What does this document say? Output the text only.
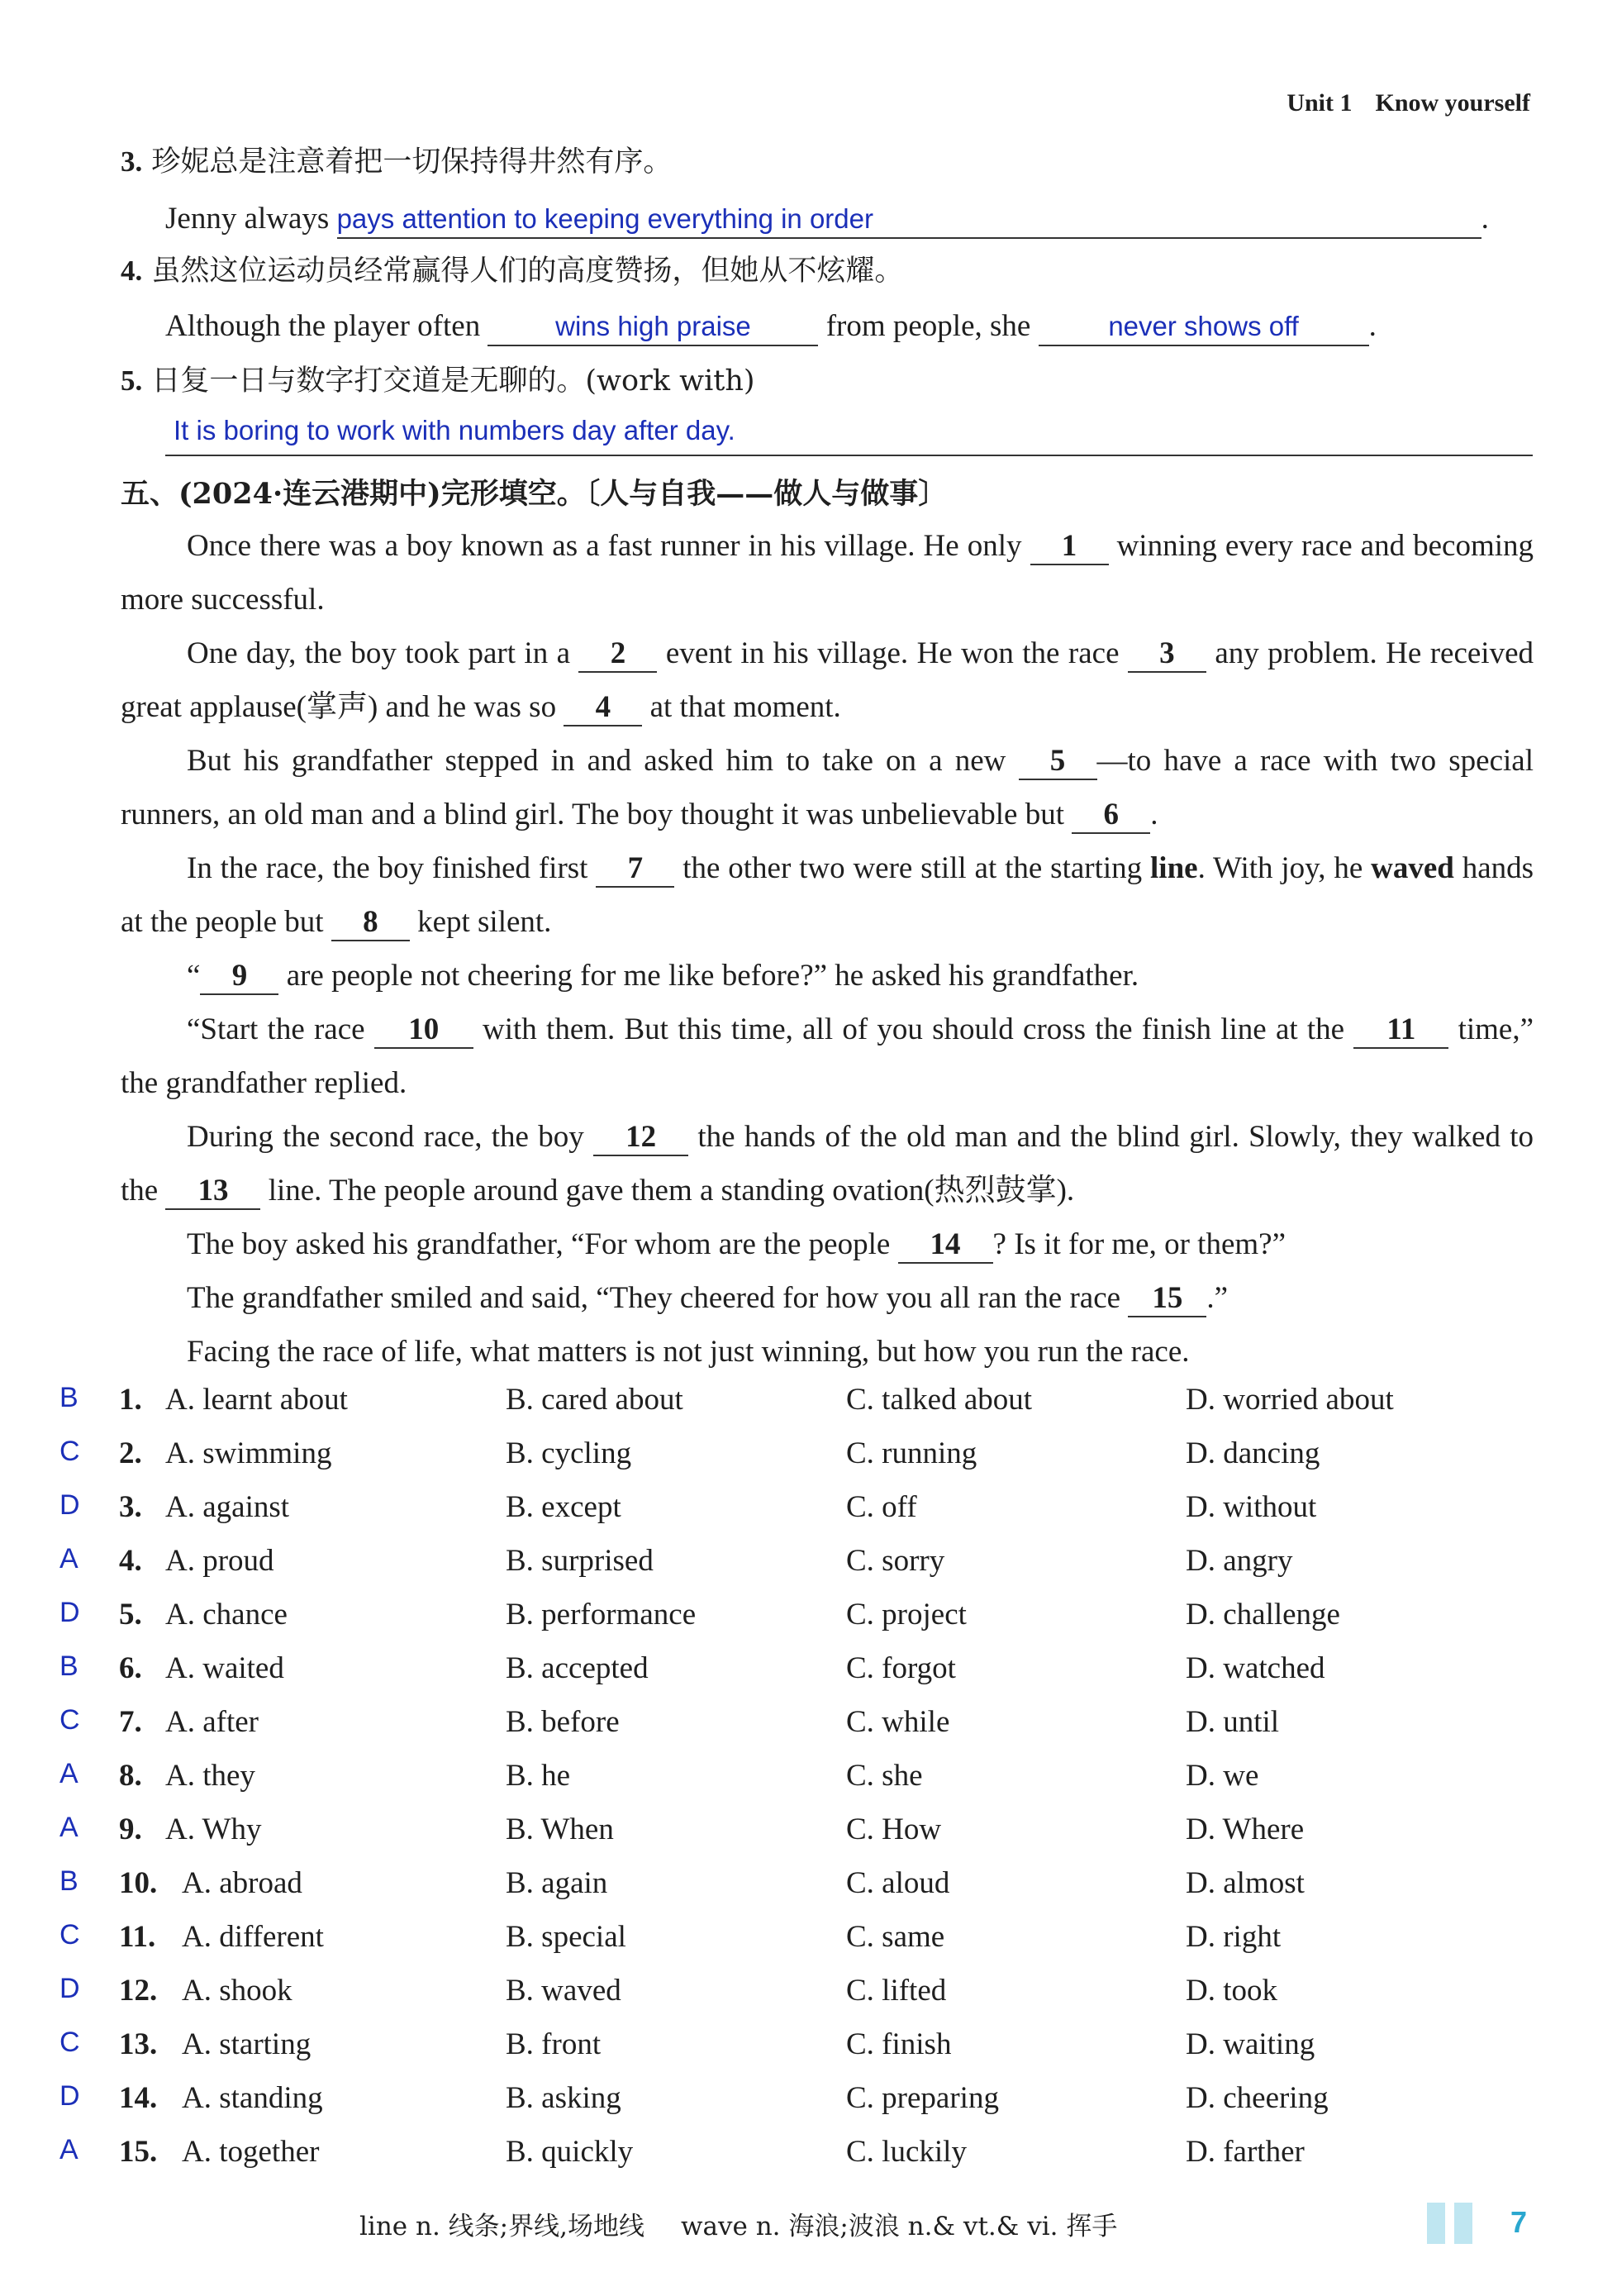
Unit 1 Know yourself
3. 珍妮总是注意着把一切保持得井然有序。
Jenny always pays attention to keeping everything in order	.
4. 虽然这位运动员经常赢得人们的高度赞扬，但她从不炫耀。
Although the player often	wins high praise from people, she	never shows off .
5. 日复一日与数字打交道是无聊的。(work with)
It is boring to work with numbers day after day.
五、(2024·连云港期中)完形填空。〔人与自我——做人与做事〕
Once there was a boy known as a fast runner in his village. He only 1 winning every race and becoming more successful.
One day, the boy took part in a 2 event in his village. He won the race 3 any problem. He received great applause(掌声) and he was so 4 at that moment.
But his grandfather stepped in and asked him to take on a new 5 —to have a race with two special runners, an old man and a blind girl. The boy thought it was unbelievable but 6 .
In the race, the boy finished first 7 the other two were still at the starting line. With joy, he waved hands at the people but 8 kept silent.
“ 9 are people not cheering for me like before?” he asked his grandfather.
“Start the race 10 with them. But this time, all of you should cross the finish line at the 11 time,” the grandfather replied.
During the second race, the boy 12 the hands of the old man and the blind girl. Slowly, they walked to the 13 line. The people around gave them a standing ovation(热烈鼓掌).
The boy asked his grandfather, “For whom are the people 14 ? Is it for me, or them?”
The grandfather smiled and said, “They cheered for how you all ran the race 15 .”
Facing the race of life, what matters is not just winning, but how you run the race.
B 1. A. learnt about	B. cared about	C. talked about	D. worried about
C 2. A. swimming	B. cycling	C. running	D. dancing
D 3. A. against	B. except	C. off	D. without
A 4. A. proud	B. surprised	C. sorry	D. angry
D 5. A. chance	B. performance	C. project	D. challenge
B 6. A. waited	B. accepted	C. forgot	D. watched
C 7. A. after	B. before	C. while	D. until
A 8. A. they	B. he	C. she	D. we
A 9. A. Why	B. When	C. How	D. Where
B 10. A. abroad	B. again	C. aloud	D. almost
C 11. A. different	B. special	C. same	D. right
D 12. A. shook	B. waved	C. lifted	D. took
C 13. A. starting	B. front	C. finish	D. waiting
D 14. A. standing	B. asking	C. preparing	D. cheering
A 15. A. together	B. quickly	C. luckily	D. farther
line n. 线条;界线,场地线 wave n. 海浪;波浪 n.& vt.& vi. 挥手	7
